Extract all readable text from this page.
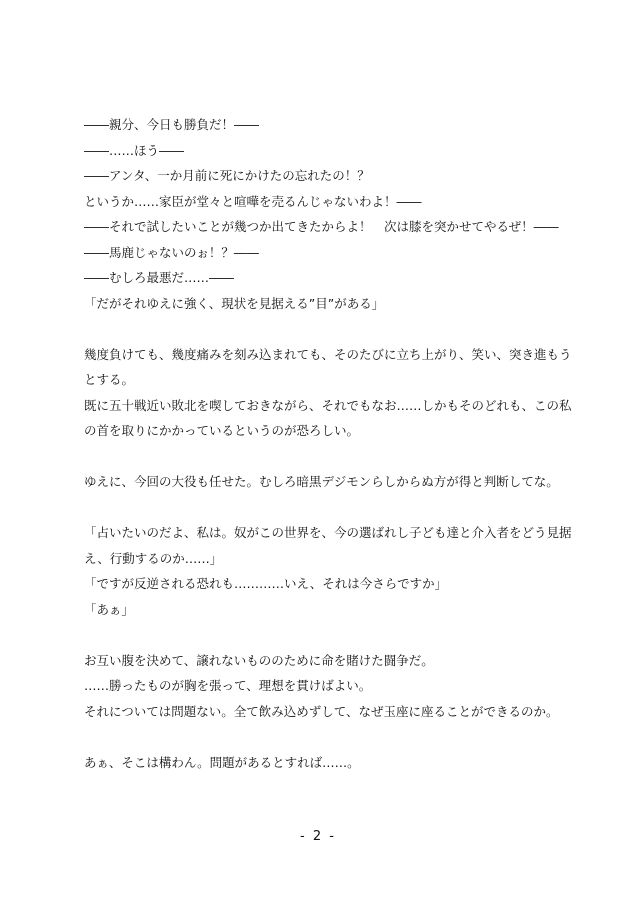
――親分、今日も勝負だ！――
――……ほう――
――アンタ、一か月前に死にかけたの忘れたの！？
というか……家臣が堂々と喧嘩を売るんじゃないわよ！――
――それで試したいことが幾つか出てきたからよ！　次は膝を突かせてやるぜ！――
――馬鹿じゃないのぉ！？――
――むしろ最悪だ……――
「だがそれゆえに強く、現状を見据える”目”がある」
幾度負けても、幾度痛みを刻み込まれても、そのたびに立ち上がり、笑い、突き進もう
とする。
既に五十戦近い敗北を喫しておきながら、それでもなお……しかもそのどれも、この私
の首を取りにかかっているというのが恐ろしい。
ゆえに、今回の大役も任せた。むしろ暗黒デジモンらしからぬ方が得と判断してな。
「占いたいのだよ、私は。奴がこの世界を、今の選ばれし子ども達と介入者をどう見据
え、行動するのか……」
「ですが反逆される恐れも…………いえ、それは今さらですか」
「あぁ」
お互い腹を決めて、譲れないもののために命を賭けた闘争だ。
……勝ったものが胸を張って、理想を貫けばよい。
それについては問題ない。全て飲み込めずして、なぜ玉座に座ることができるのか。
あぁ、そこは構わん。問題があるとすれば……。
- 2 -
